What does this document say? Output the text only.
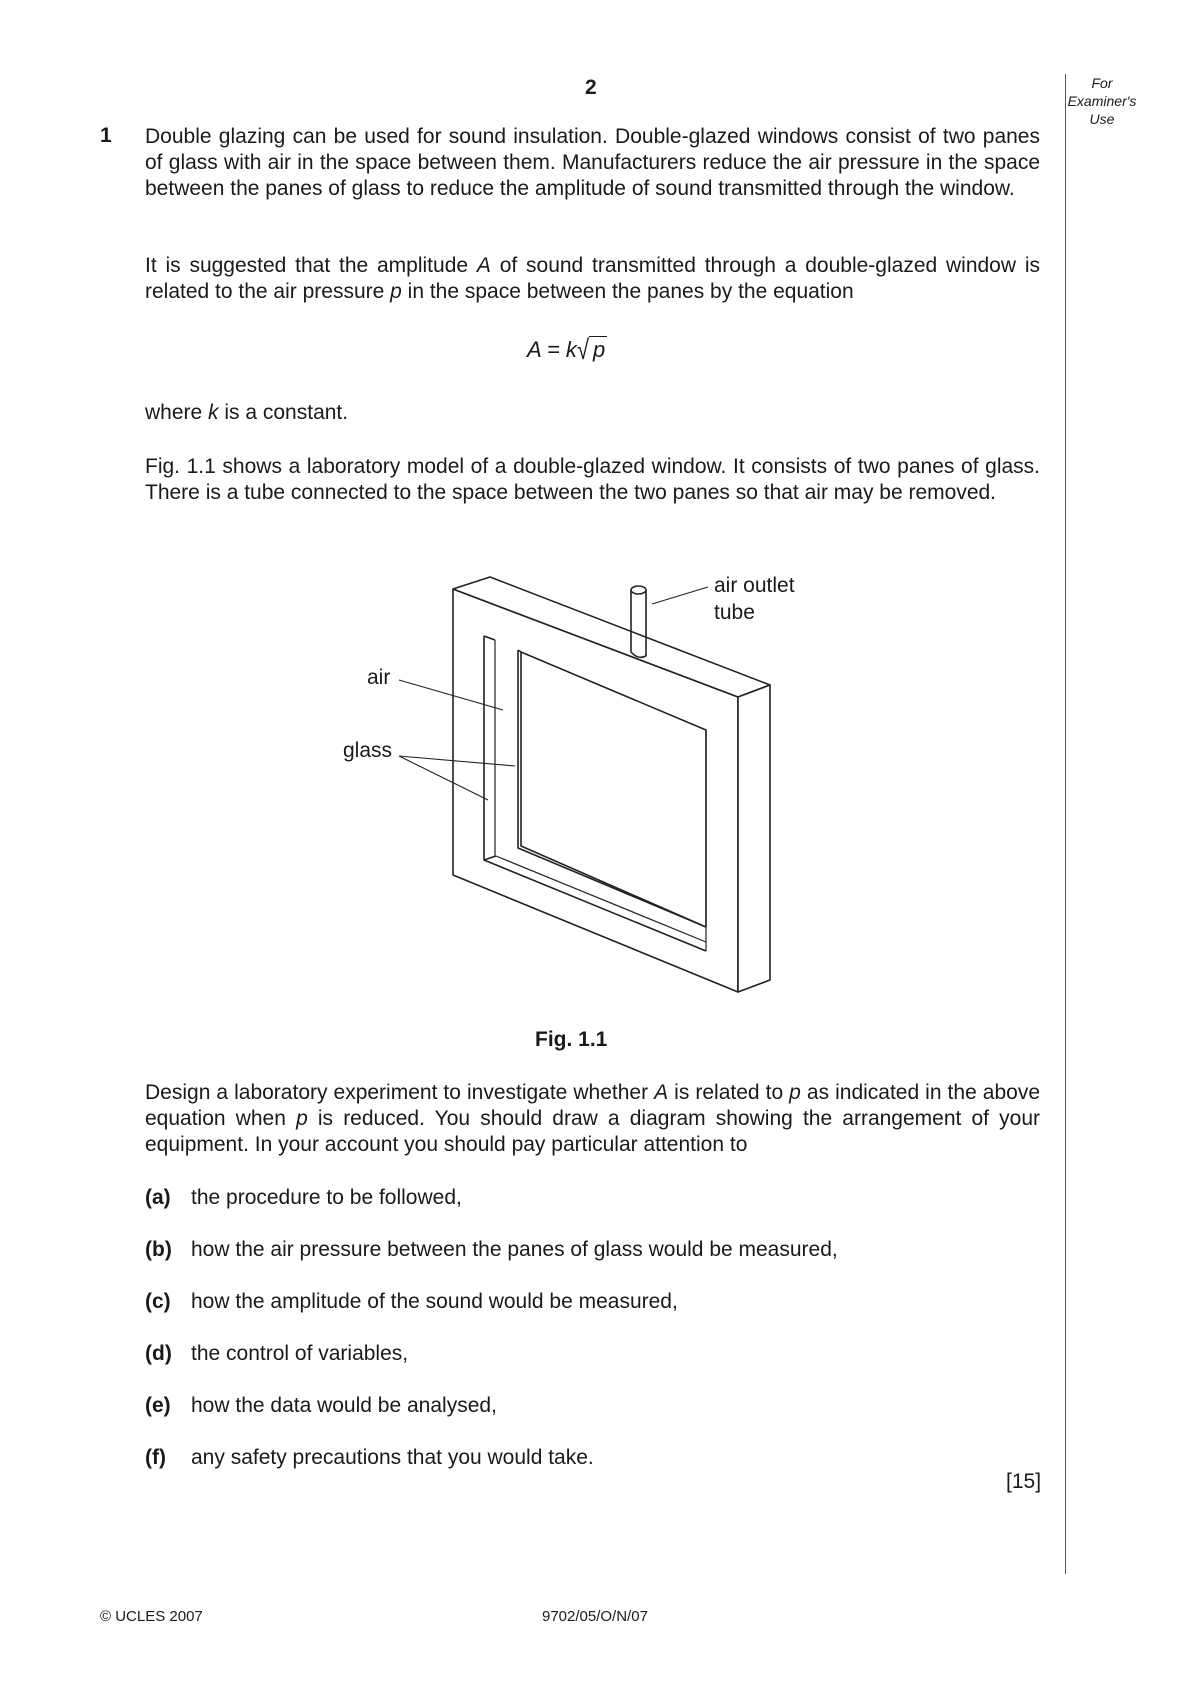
2	For
Examiner's
Use
1 Double glazing can be used for sound insulation. Double-glazed windows consist of two panes of glass with air in the space between them. Manufacturers reduce the air pressure in the space between the panes of glass to reduce the amplitude of sound transmitted through the window.
It is suggested that the amplitude A of sound transmitted through a double-glazed window is related to the air pressure p in the space between the panes by the equation
A = k√ p
where k is a constant.
Fig. 1.1 shows a laboratory model of a double-glazed window. It consists of two panes of glass. There is a tube connected to the space between the two panes so that air may be removed.
air outlet
tube
air
glass
Fig. 1.1
Design a laboratory experiment to investigate whether A is related to p as indicated in the above equation when p is reduced. You should draw a diagram showing the arrangement of your equipment. In your account you should pay particular attention to
(a) the procedure to be followed,
(b) how the air pressure between the panes of glass would be measured,
(c) how the amplitude of the sound would be measured,
(d) the control of variables,
(e) how the data would be analysed,
(f) any safety precautions that you would take.
[15]
© UCLES 2007	9702/05/O/N/07
